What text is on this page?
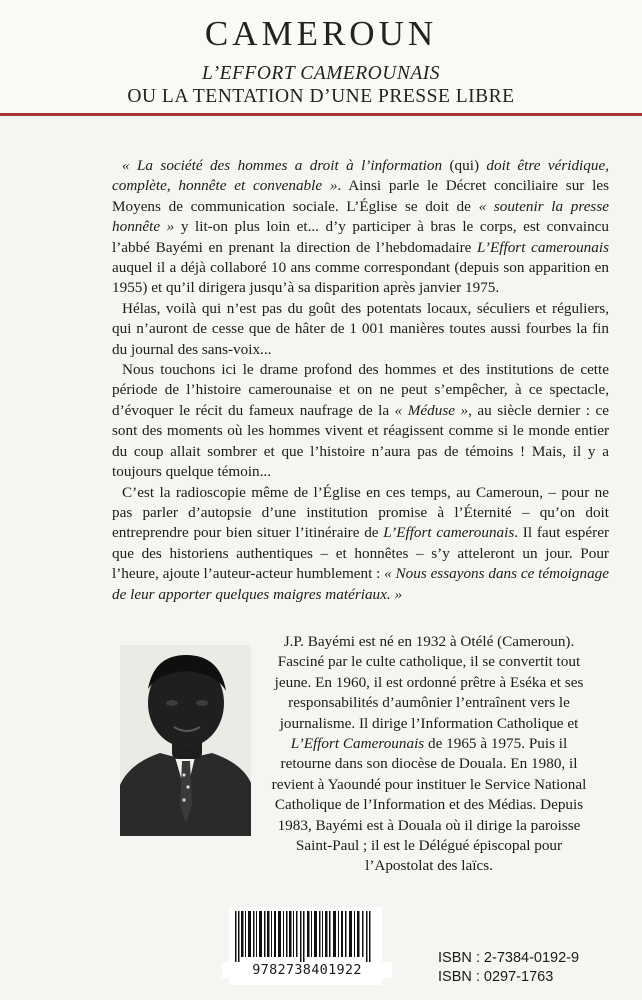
CAMEROUN
L’EFFORT CAMEROUNAIS
OU LA TENTATION D’UNE PRESSE LIBRE

« La société des hommes a droit à l’information (qui) doit être véridique, complète, honnête et convenable ». Ainsi parle le Décret conciliaire sur les Moyens de communication sociale. L’Église se doit de « soutenir la presse honnête » y lit-on plus loin et... d’y participer à bras le corps, est convaincu l’abbé Bayémi en prenant la direction de l’hebdomadaire L’Effort camerounais auquel il a déjà collaboré 10 ans comme correspondant (depuis son apparition en 1955) et qu’il dirigera jusqu’à sa disparition après janvier 1975.

Hélas, voilà qui n’est pas du goût des potentats locaux, séculiers et réguliers, qui n’auront de cesse que de hâter de 1 001 manières toutes aussi fourbes la fin du journal des sans-voix...

Nous touchons ici le drame profond des hommes et des institutions de cette période de l’histoire camerounaise et on ne peut s’empêcher, à ce spectacle, d’évoquer le récit du fameux naufrage de la « Méduse », au siècle dernier : ce sont des moments où les hommes vivent et réagissent comme si le monde entier du coup allait sombrer et que l’histoire n’aura pas de témoins ! Mais, il y a toujours quelque témoin...

C’est la radioscopie même de l’Église en ces temps, au Cameroun, – pour ne pas parler d’autopsie d’une institution promise à l’Éternité – qu’on doit entreprendre pour bien situer l’itinéraire de L’Effort camerounais. Il faut espérer que des historiens authentiques – et honnêtes – s’y atteleront un jour. Pour l’heure, ajoute l’auteur-acteur humblement : « Nous essayons dans ce témoignage de leur apporter quelques maigres matériaux. »

J.P. Bayémi est né en 1932 à Otélé (Cameroun). Fasciné par le culte catholique, il se convertit tout jeune. En 1960, il est ordonné prêtre à Eséka et ses responsabilités d’aumônier l’entraînent vers le journalisme. Il dirige l’Information Catholique et L’Effort Camerounais de 1965 à 1975. Puis il retourne dans son diocèse de Douala. En 1980, il revient à Yaoundé pour instituer le Service National Catholique de l’Information et des Médias. Depuis 1983, Bayémi est à Douala où il dirige la paroisse Saint-Paul ; il est le Délégué épiscopal pour l’Apostolat des laïcs.
9782738401922
ISBN : 2-7384-0192-9
ISBN : 0297-1763
